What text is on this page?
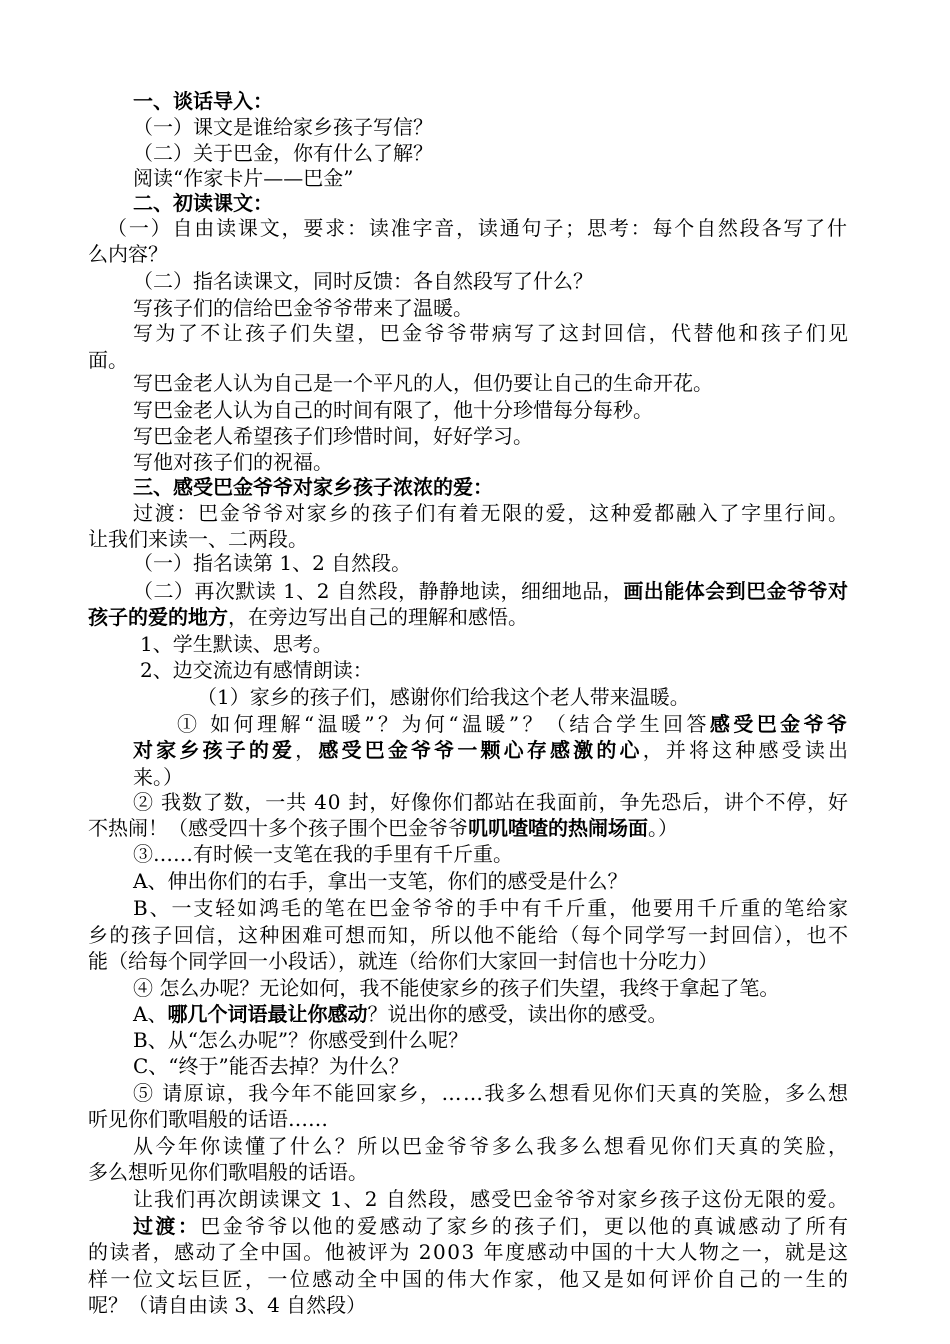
一、谈话导入：
（一）课文是谁给家乡孩子写信？
（二）关于巴金，你有什么了解？
阅读“作家卡片——巴金”
二、初读课文：
（一）自由读课文，要求：读准字音，读通句子；思考：每个自然段各写了什
么内容？
（二）指名读课文，同时反馈：各自然段写了什么？
写孩子们的信给巴金爷爷带来了温暖。
写为了不让孩子们失望，巴金爷爷带病写了这封回信，代替他和孩子们见
面。
写巴金老人认为自己是一个平凡的人，但仍要让自己的生命开花。
写巴金老人认为自己的时间有限了，他十分珍惜每分每秒。
写巴金老人希望孩子们珍惜时间，好好学习。
写他对孩子们的祝福。
三、感受巴金爷爷对家乡孩子浓浓的爱：
过渡：巴金爷爷对家乡的孩子们有着无限的爱，这种爱都融入了字里行间。
让我们来读一、二两段。
（一）指名读第 1、2 自然段。
（二）再次默读 1、2 自然段，静静地读，细细地品，画出能体会到巴金爷爷对
孩子的爱的地方，在旁边写出自己的理解和感悟。
1、学生默读、思考。
2、边交流边有感情朗读：
（1）家乡的孩子们，感谢你们给我这个老人带来温暖。
① 如何理解“温暖”？为何“温暖”？（结合学生回答感受巴金爷爷
对家乡孩子的爱，感受巴金爷爷一颗心存感激的心，并将这种感受读出
来。）
② 我数了数，一共 40 封，好像你们都站在我面前，争先恐后，讲个不停，好
不热闹！（感受四十多个孩子围个巴金爷爷叽叽喳喳的热闹场面。）
③……有时候一支笔在我的手里有千斤重。
A、伸出你们的右手，拿出一支笔，你们的感受是什么？
B、一支轻如鸿毛的笔在巴金爷爷的手中有千斤重，他要用千斤重的笔给家
乡的孩子回信，这种困难可想而知，所以他不能给（每个同学写一封回信），也不
能（给每个同学回一小段话），就连（给你们大家回一封信也十分吃力）
④ 怎么办呢？无论如何，我不能使家乡的孩子们失望，我终于拿起了笔。
A、哪几个词语最让你感动？说出你的感受，读出你的感受。
B、从“怎么办呢”？你感受到什么呢？
C、“终于”能否去掉？为什么？
⑤ 请原谅，我今年不能回家乡，……我多么想看见你们天真的笑脸，多么想
听见你们歌唱般的话语……
从今年你读懂了什么？所以巴金爷爷多么我多么想看见你们天真的笑脸，
多么想听见你们歌唱般的话语。
让我们再次朗读课文 1、2 自然段，感受巴金爷爷对家乡孩子这份无限的爱。
过渡：巴金爷爷以他的爱感动了家乡的孩子们，更以他的真诚感动了所有
的读者，感动了全中国。他被评为 2003 年度感动中国的十大人物之一，就是这
样一位文坛巨匠，一位感动全中国的伟大作家，他又是如何评价自己的一生的
呢？（请自由读 3、4 自然段）
